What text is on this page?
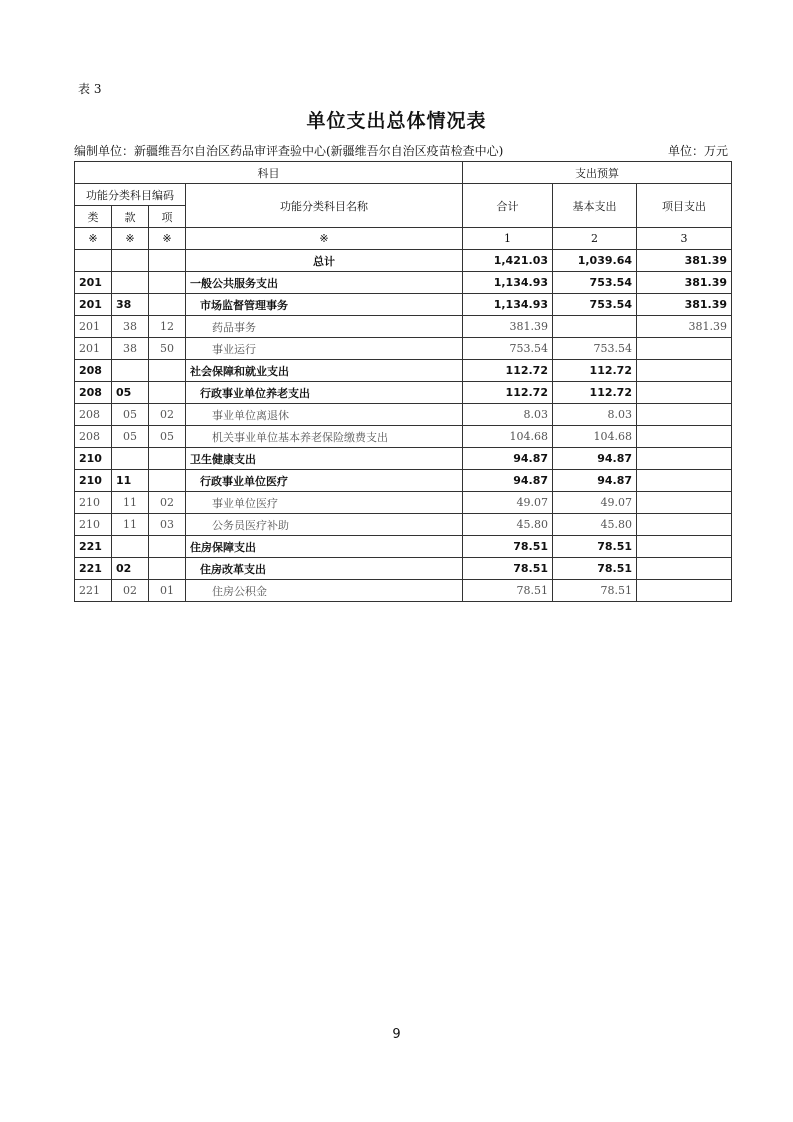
表 3
单位支出总体情况表
编制单位：新疆维吾尔自治区药品审评查验中心(新疆维吾尔自治区疫苗检查中心)	单位：万元
科目				支出预算		
功能分类科目编码			功能分类科目名称	合计	基本支出	项目支出
类	款	项				
※	※	※	※	1	2	3
			总计	1,421.03	1,039.64	381.39
201			一般公共服务支出	1,134.93	753.54	381.39
201	38		市场监督管理事务	1,134.93	753.54	381.39
201	38	12	药品事务	381.39		381.39
201	38	50	事业运行	753.54	753.54	
208			社会保障和就业支出	112.72	112.72	
208	05		行政事业单位养老支出	112.72	112.72	
208	05	02	事业单位离退休	8.03	8.03	
208	05	05	机关事业单位基本养老保险缴费支出	104.68	104.68	
210			卫生健康支出	94.87	94.87	
210	11		行政事业单位医疗	94.87	94.87	
210	11	02	事业单位医疗	49.07	49.07	
210	11	03	公务员医疗补助	45.80	45.80	
221			住房保障支出	78.51	78.51	
221	02		住房改革支出	78.51	78.51	
221	02	01	住房公积金	78.51	78.51	
9
